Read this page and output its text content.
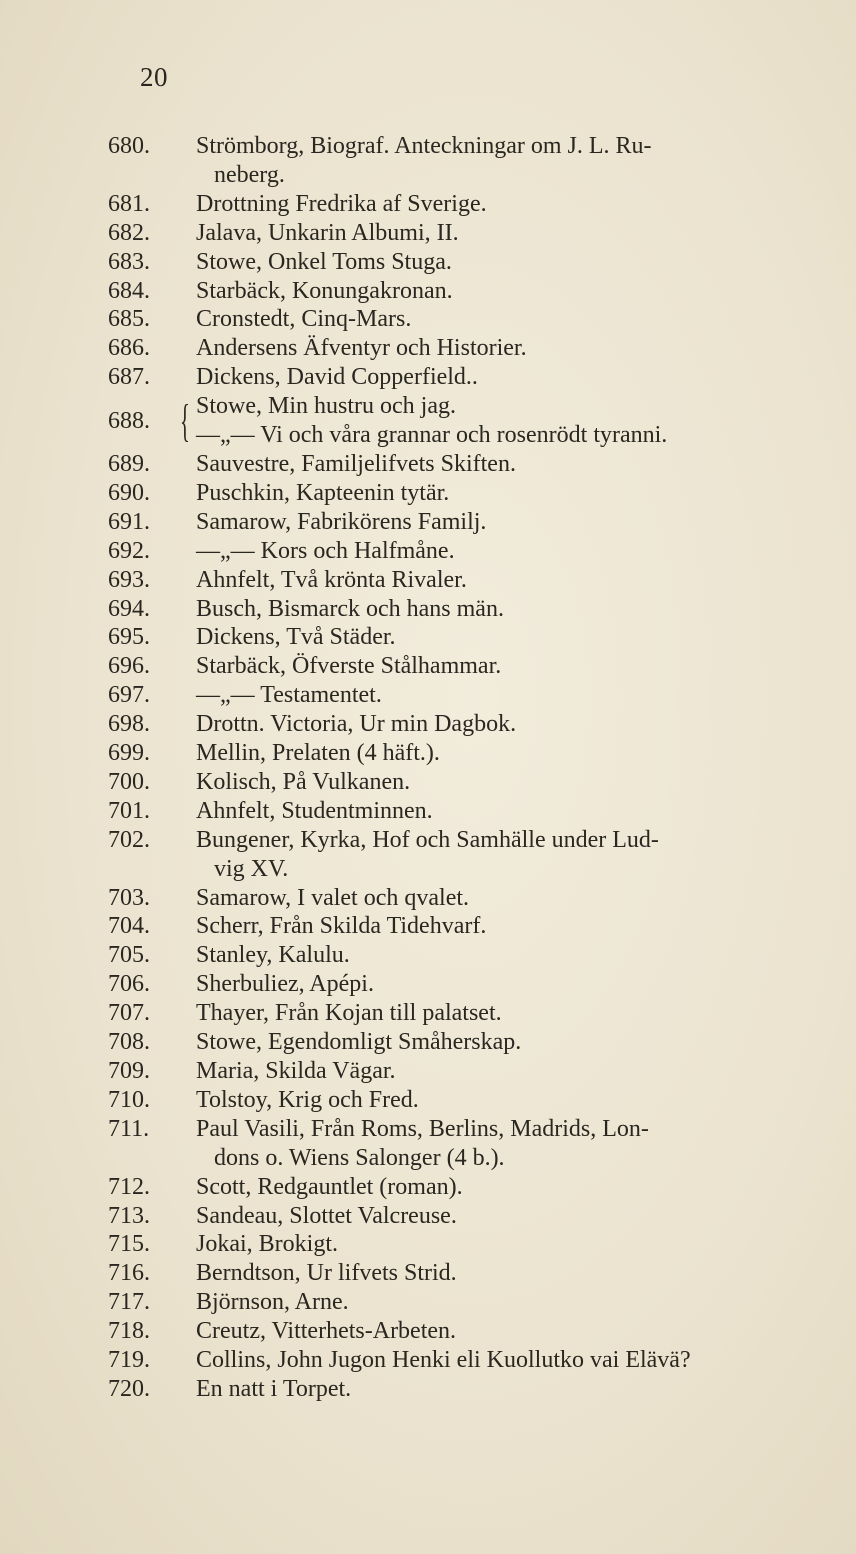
20
680.	Strömborg, Biograf. Anteckningar om J. L. Ru-
neberg.
681.	Drottning Fredrika af Sverige.
682.	Jalava, Unkarin Albumi, II.
683.	Stowe, Onkel Toms Stuga.
684.	Starbäck, Konungakronan.
685.	Cronstedt, Cinq-Mars.
686.	Andersens Äfventyr och Historier.
687.	Dickens, David Copperfield..
688. { Stowe, Min hustru och jag.
—„— Vi och våra grannar och rosenrödt tyranni.
689.	Sauvestre, Familjelifvets Skiften.
690.	Puschkin, Kapteenin tytär.
691.	Samarow, Fabrikörens Familj.
692.	—„— Kors och Halfmåne.
693.	Ahnfelt, Två krönta Rivaler.
694.	Busch, Bismarck och hans män.
695.	Dickens, Två Städer.
696.	Starbäck, Öfverste Stålhammar.
697.	—„— Testamentet.
698.	Drottn. Victoria, Ur min Dagbok.
699.	Mellin, Prelaten (4 häft.).
700.	Kolisch, På Vulkanen.
701.	Ahnfelt, Studentminnen.
702.	Bungener, Kyrka, Hof och Samhälle under Lud-
vig XV.
703.	Samarow, I valet och qvalet.
704.	Scherr, Från Skilda Tidehvarf.
705.	Stanley, Kalulu.
706.	Sherbuliez, Apépi.
707.	Thayer, Från Kojan till palatset.
708.	Stowe, Egendomligt Småherskap.
709.	Maria, Skilda Vägar.
710.	Tolstoy, Krig och Fred.
711.	Paul Vasili, Från Roms, Berlins, Madrids, Lon-
dons o. Wiens Salonger (4 b.).
712.	Scott, Redgauntlet (roman).
713.	Sandeau, Slottet Valcreuse.
715.	Jokai, Brokigt.
716.	Berndtson, Ur lifvets Strid.
717.	Björnson, Arne.
718.	Creutz, Vitterhets-Arbeten.
719.	Collins, John Jugon Henki eli Kuollutko vai Elävä?
720.	En natt i Torpet.
